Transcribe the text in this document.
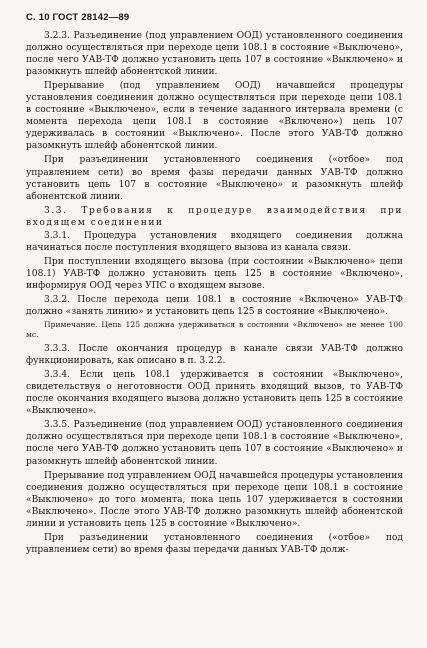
С. 10 ГОСТ 28142—89

3.2.3. Разъединение (под управлением ООД) установленного соединения должно осуществляться при переходе цепи 108.1 в состояние «Выключено», после чего УАВ-ТФ должно установить цепь 107 в состояние «Выключено» и разомкнуть шлейф абонентской линии.

Прерывание (под управлением ООД) начавшейся процедуры установления соединения должно осуществляться при переходе цепи 108.1 в состояние «Выключено», если в течение заданного интервала времени (с момента перехода цепи 108.1 в состояние «Включено») цепь 107 удерживалась в состоянии «Выключено». После этого УАВ-ТФ должно разомкнуть шлейф абонентской линии.

При разъединении установленного соединения («отбое» под управлением сети) во время фазы передачи данных УАВ-ТФ должно установить цепь 107 в состояние «Выключено» и разомкнуть шлейф абонентской линии.

3.3. Требования к процедуре взаимодействия при входящем соединении

3.3.1. Процедура установления входящего соединения должна начинаться после поступления входящего вызова из канала связи.

При поступлении входящего вызова (при состоянии «Выключено» цепи 108.1) УАВ-ТФ должно установить цепь 125 в состояние «Включено», информируя ООД через УПС о входящем вызове.

3.3.2. После перехода цепи 108.1 в состояние «Включено» УАВ-ТФ должно «занять линию» и установить цепь 125 в состояние «Выключено».

Примечание. Цепь 125 должна удерживаться в состоянии «Включено» не менее 100 мс.

3.3.3. После окончания процедур в канале связи УАВ-ТФ должно функционировать, как описано в п. 3.2.2.

3.3.4. Если цепь 108.1 удерживается в состоянии «Выключено», свидетельствуя о неготовности ООД принять входящий вызов, то УАВ-ТФ после окончания входящего вызова должно установить цепь 125 в состояние «Выключено».

3.3.5. Разъединение (под управлением ООД) установленного соединения должно осуществляться при переходе цепи 108.1 в состояние «Выключено», после чего УАВ-ТФ должно установить цепь 107 в состояние «Выключено» и разомкнуть шлейф абонентской линии.

Прерывание под управлением ООД начавшейся процедуры установления соединения должно осуществляться при переходе цепи 108.1 в состояние «Выключено» до того момента, пока цепь 107 удерживается в состоянии «Выключено». После этого УАВ-ТФ должно разомкнуть шлейф абонентской линии и установить цепь 125 в состояние «Выключено».

При разъединении установленного соединения («отбое» под управлением сети) во время фазы передачи данных УАВ-ТФ долж-
